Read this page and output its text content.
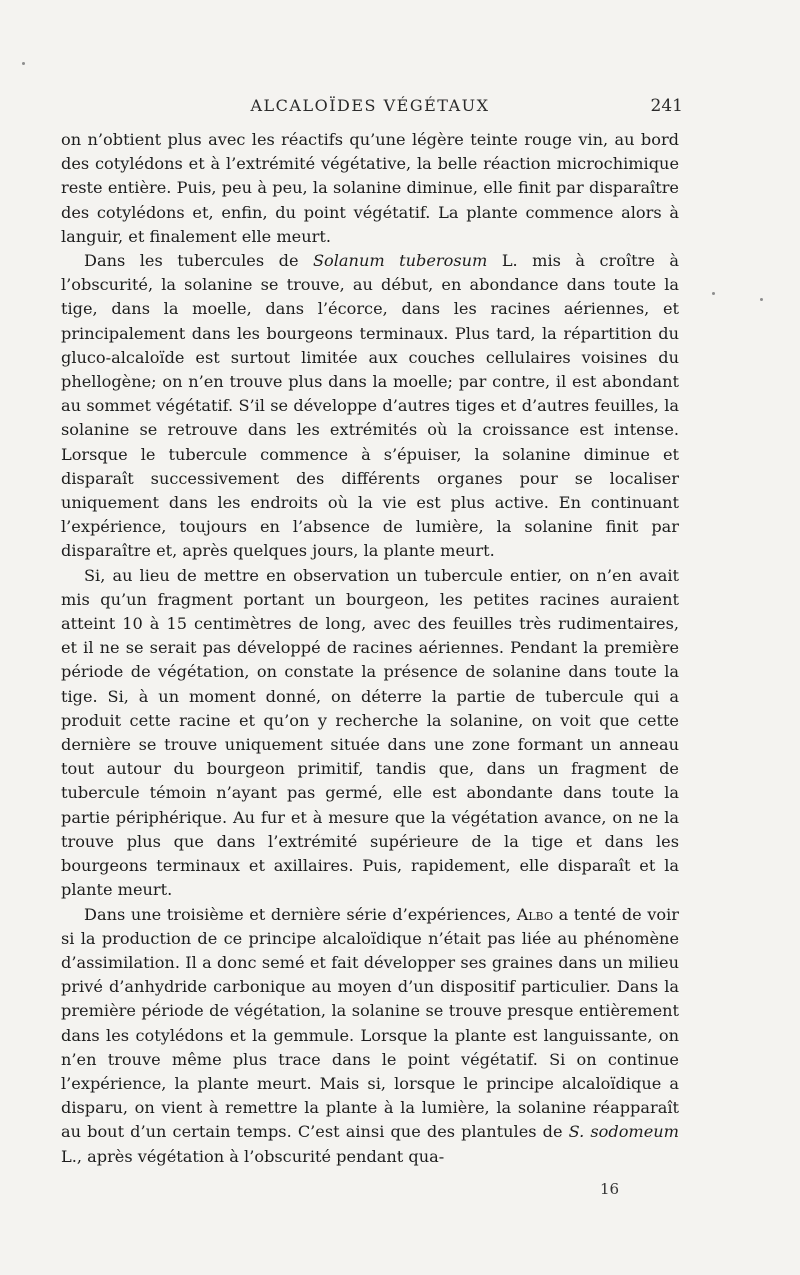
ALCALOÏDES VÉGÉTAUX	241

on n’obtient plus avec les réactifs qu’une légère teinte rouge vin, au bord des cotylédons et à l’extrémité végétative, la belle réaction microchimique reste entière. Puis, peu à peu, la solanine diminue, elle finit par disparaître des cotylédons et, enfin, du point végétatif. La plante commence alors à languir, et finalement elle meurt.

Dans les tubercules de Solanum tuberosum L. mis à croître à l’obscurité, la solanine se trouve, au début, en abondance dans toute la tige, dans la moelle, dans l’écorce, dans les racines aériennes, et principalement dans les bourgeons terminaux. Plus tard, la répartition du gluco-alcaloïde est surtout limitée aux couches cellulaires voisines du phellogène; on n’en trouve plus dans la moelle; par contre, il est abondant au sommet végétatif. S’il se développe d’autres tiges et d’autres feuilles, la solanine se retrouve dans les extrémités où la croissance est intense. Lorsque le tubercule commence à s’épuiser, la solanine diminue et disparaît successivement des différents organes pour se localiser uniquement dans les endroits où la vie est plus active. En continuant l’expérience, toujours en l’absence de lumière, la solanine finit par disparaître et, après quelques jours, la plante meurt.

Si, au lieu de mettre en observation un tubercule entier, on n’en avait mis qu’un fragment portant un bourgeon, les petites racines auraient atteint 10 à 15 centimètres de long, avec des feuilles très rudimentaires, et il ne se serait pas développé de racines aériennes. Pendant la première période de végétation, on constate la présence de solanine dans toute la tige. Si, à un moment donné, on déterre la partie de tubercule qui a produit cette racine et qu’on y recherche la solanine, on voit que cette dernière se trouve uniquement située dans une zone formant un anneau tout autour du bourgeon primitif, tandis que, dans un fragment de tubercule témoin n’ayant pas germé, elle est abondante dans toute la partie périphérique. Au fur et à mesure que la végétation avance, on ne la trouve plus que dans l’extrémité supérieure de la tige et dans les bourgeons terminaux et axillaires. Puis, rapidement, elle disparaît et la plante meurt.

Dans une troisième et dernière série d’expériences, Albo a tenté de voir si la production de ce principe alcaloïdique n’était pas liée au phénomène d’assimilation. Il a donc semé et fait développer ses graines dans un milieu privé d’anhydride carbonique au moyen d’un dispositif particulier. Dans la première période de végétation, la solanine se trouve presque entièrement dans les cotylédons et la gemmule. Lorsque la plante est languissante, on n’en trouve même plus trace dans le point végétatif. Si on continue l’expérience, la plante meurt. Mais si, lorsque le principe alcaloïdique a disparu, on vient à remettre la plante à la lumière, la solanine réapparaît au bout d’un certain temps. C’est ainsi que des plantules de S. sodomeum L., après végétation à l’obscurité pendant qua-

16
